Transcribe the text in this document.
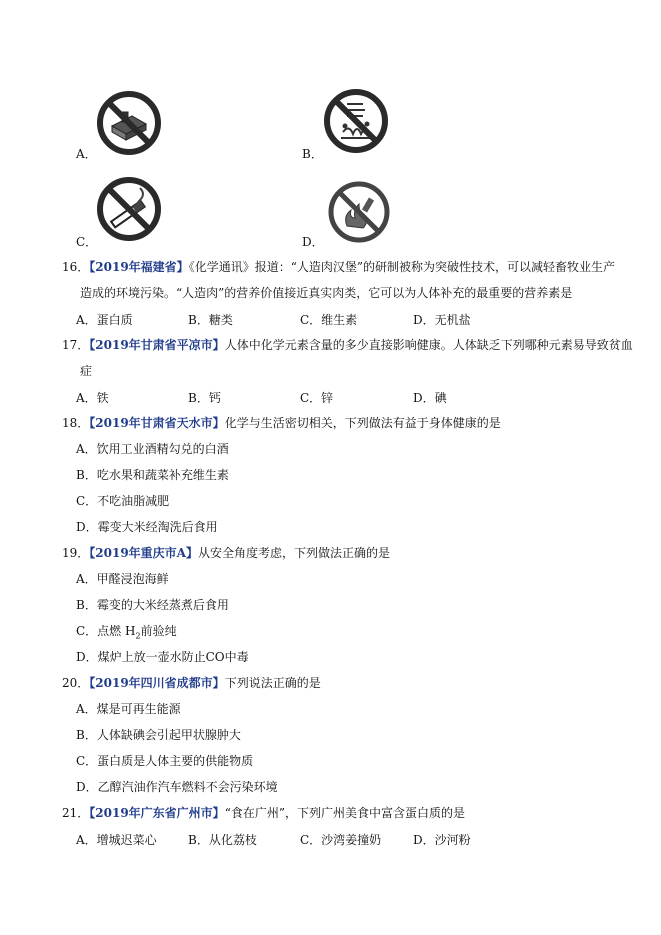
A．	B．
C．	D．
16．【2019年福建省】《化学通讯》报道：“人造肉汉堡”的研制被称为突破性技术，可以减轻畜牧业生产
造成的环境污染。“人造肉”的营养价值接近真实肉类，它可以为人体补充的最重要的营养素是
A．蛋白质	B．糖类	C．维生素	D．无机盐
17．【2019年甘肃省平凉市】人体中化学元素含量的多少直接影响健康。人体缺乏下列哪种元素易导致贫血
症
A．铁	B．钙	C．锌	D．碘
18．【2019年甘肃省天水市】化学与生活密切相关，下列做法有益于身体健康的是
A．饮用工业酒精勾兑的白酒
B．吃水果和蔬菜补充维生素
C．不吃油脂减肥
D．霉变大米经淘洗后食用
19．【2019年重庆市A】从安全角度考虑，下列做法正确的是
A．甲醛浸泡海鲜
B．霉变的大米经蒸煮后食用
C．点燃 $H_2$前验纯
D．煤炉上放一壶水防止CO中毒
20．【2019年四川省成都市】下列说法正确的是
A．煤是可再生能源
B．人体缺碘会引起甲状腺肿大
C．蛋白质是人体主要的供能物质
D．乙醇汽油作汽车燃料不会污染环境
21．【2019年广东省广州市】“食在广州”，下列广州美食中富含蛋白质的是
A．增城迟菜心	B．从化荔枝	C．沙湾姜撞奶	D．沙河粉
